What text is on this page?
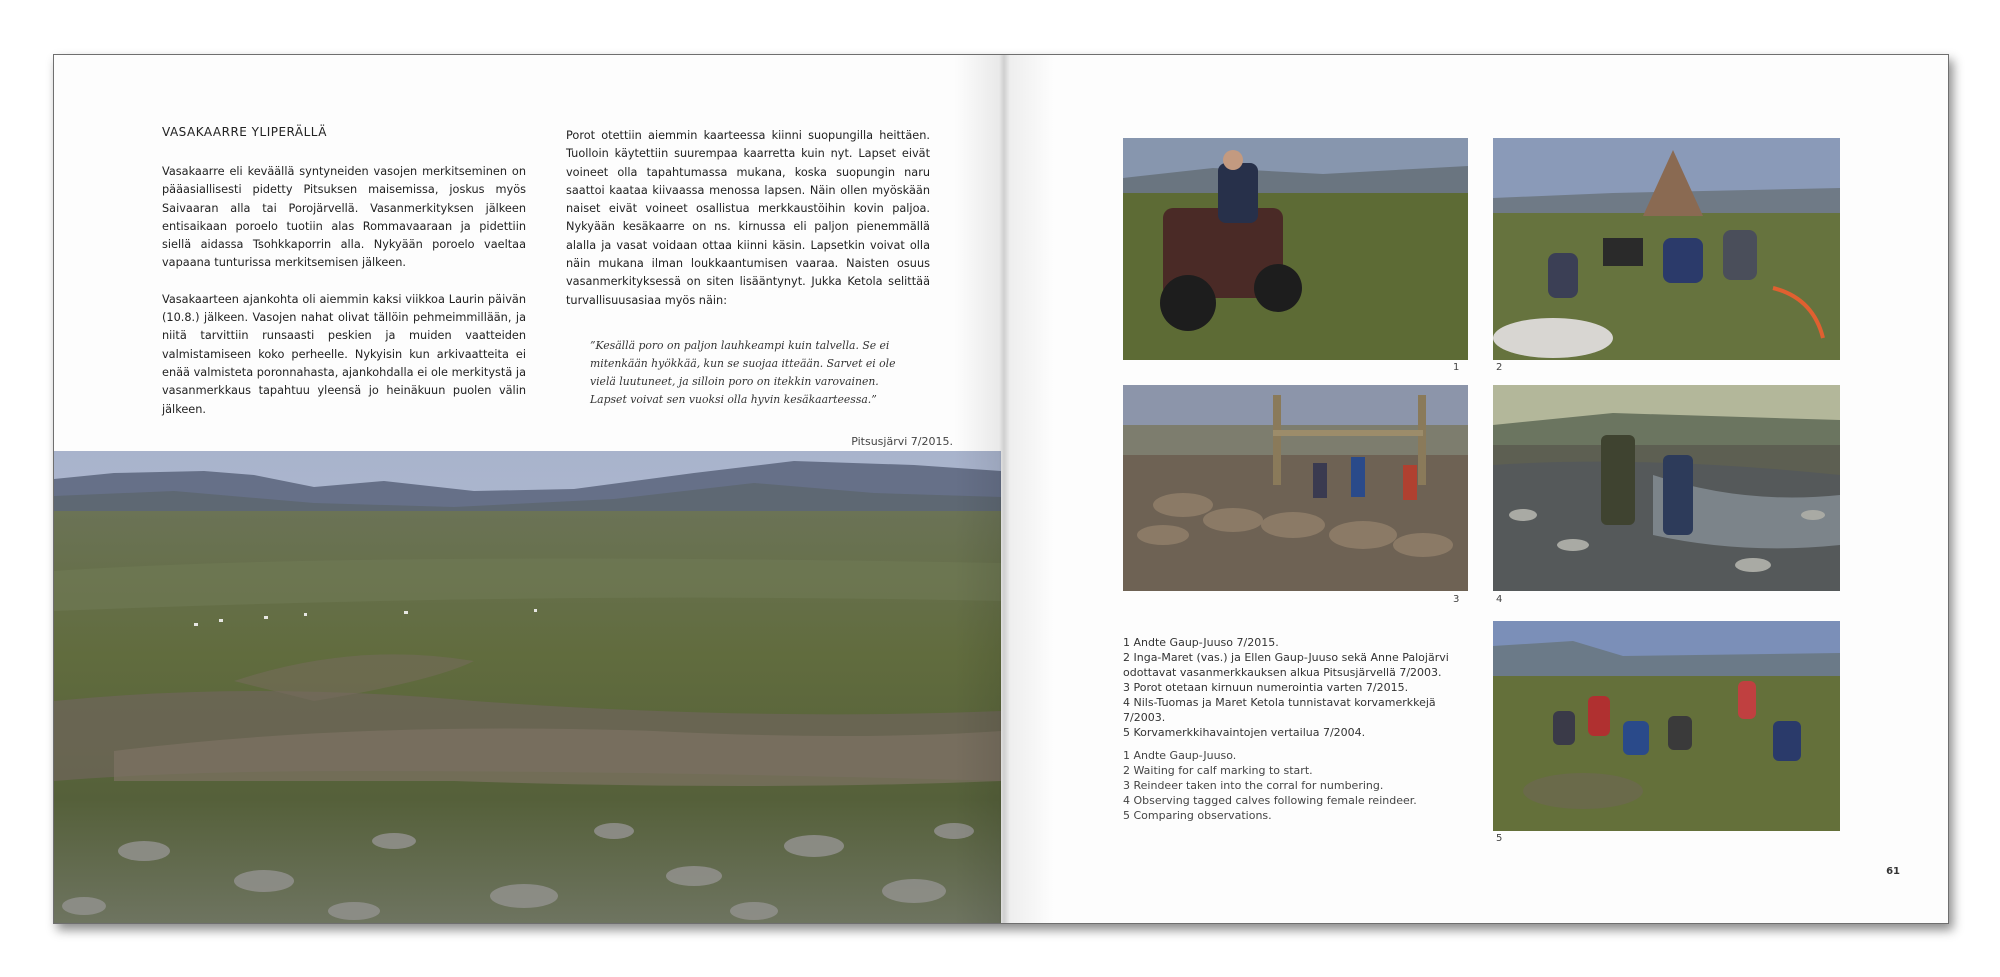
VASAKAARRE YLIPERÄLLÄ

Vasakaarre eli keväällä syntyneiden vasojen merkitseminen on pääasiallisesti pidetty Pitsuksen maisemissa, joskus myös Saivaaran alla tai Porojärvellä. Vasanmerkityksen jälkeen entisaikaan poroelo tuotiin alas Rommavaaraan ja pidettiin siellä aidassa Tsohkkaporrin alla. Nykyään poroelo vaeltaa vapaana tunturissa merkitsemisen jälkeen.

Vasakaarteen ajankohta oli aiemmin kaksi viikkoa Laurin päivän (10.8.) jälkeen. Vasojen nahat olivat tällöin pehmeimmillään, ja niitä tarvittiin runsaasti peskien ja muiden vaatteiden valmistamiseen koko perheelle. Nykyisin kun arkivaatteita ei enää valmisteta poronnahasta, ajankohdalla ei ole merkitystä ja vasanmerkkaus tapahtuu yleensä jo heinäkuun puolen välin jälkeen.

Porot otettiin aiemmin kaarteessa kiinni suopungilla heittäen. Tuolloin käytettiin suurempaa kaarretta kuin nyt. Lapset eivät voineet olla tapahtumassa mukana, koska suopungin naru saattoi kaataa kiivaassa menossa lapsen. Näin ollen myöskään naiset eivät voineet osallistua merkkaustöihin kovin paljoa. Nykyään kesäkaarre on ns. kirnussa eli paljon pienemmällä alalla ja vasat voidaan ottaa kiinni käsin. Lapsetkin voivat olla näin mukana ilman loukkaantumisen vaaraa. Naisten osuus vasanmerkityksessä on siten lisääntynyt. Jukka Ketola selittää turvallisuusasiaa myös näin:

”Kesällä poro on paljon lauhkeampi kuin talvella. Se ei mitenkään hyökkää, kun se suojaa itteään. Sarvet ei ole vielä luutuneet, ja silloin poro on itekkin varovainen. Lapset voivat sen vuoksi olla hyvin kesäkaarteessa.”
Pitsusjärvi 7/2015.
1	2
3	4
5
1 Andte Gaup-Juuso 7/2015.
2 Inga-Maret (vas.) ja Ellen Gaup-Juuso sekä Anne Palojärvi odottavat vasanmerkkauksen alkua Pitsusjärvellä 7/2003.
3 Porot otetaan kirnuun numerointia varten 7/2015.
4 Nils-Tuomas ja Maret Ketola tunnistavat korvamerkkejä 7/2003.
5 Korvamerkkihavaintojen vertailua 7/2004.
1 Andte Gaup-Juuso.
2 Waiting for calf marking to start.
3 Reindeer taken into the corral for numbering.
4 Observing tagged calves following female reindeer.
5 Comparing observations.
61
